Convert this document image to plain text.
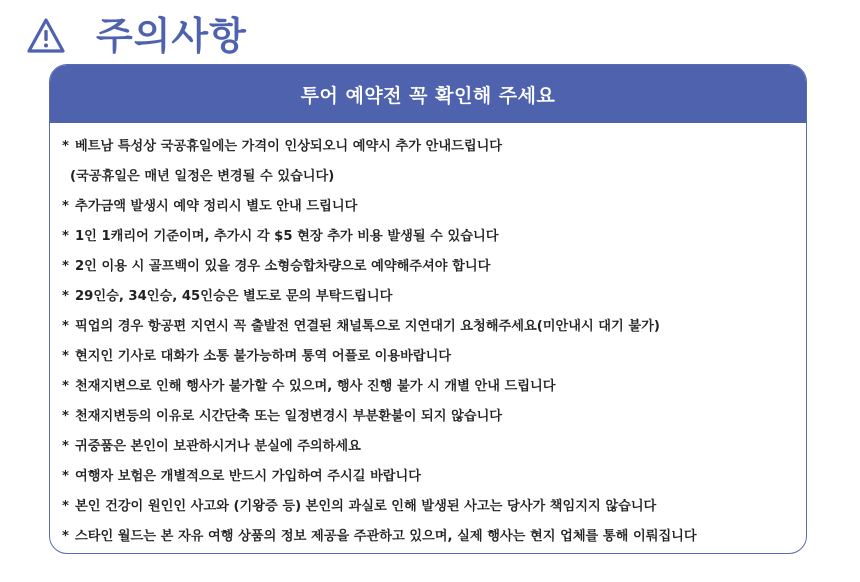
주의사항
투어 예약전 꼭 확인해 주세요
* 베트남 특성상 국공휴일에는 가격이 인상되오니 예약시 추가 안내드립니다
(국공휴일은 매년 일정은 변경될 수 있습니다)
* 추가금액 발생시 예약 정리시 별도 안내 드립니다
* 1인 1캐리어 기준이며, 추가시 각 $5 현장 추가 비용 발생될 수 있습니다
* 2인 이용 시 골프백이 있을 경우 소형승합차량으로 예약해주셔야 합니다
* 29인승, 34인승, 45인승은 별도로 문의 부탁드립니다
* 픽업의 경우 항공편 지연시 꼭 출발전 연결된 채널톡으로 지연대기 요청해주세요(미안내시 대기 불가)
* 현지인 기사로 대화가 소통 불가능하며 통역 어플로 이용바랍니다
* 천재지변으로 인해 행사가 불가할 수 있으며, 행사 진행 불가 시 개별 안내 드립니다
* 천재지변등의 이유로 시간단축 또는 일정변경시 부분환불이 되지 않습니다
* 귀중품은 본인이 보관하시거나 분실에 주의하세요
* 여행자 보험은 개별적으로 반드시 가입하여 주시길 바랍니다
* 본인 건강이 원인인 사고와 (기왕증 등) 본인의 과실로 인해 발생된 사고는 당사가 책임지지 않습니다
* 스타인 월드는 본 자유 여행 상품의 정보 제공을 주관하고 있으며, 실제 행사는 현지 업체를 통해 이뤄집니다
